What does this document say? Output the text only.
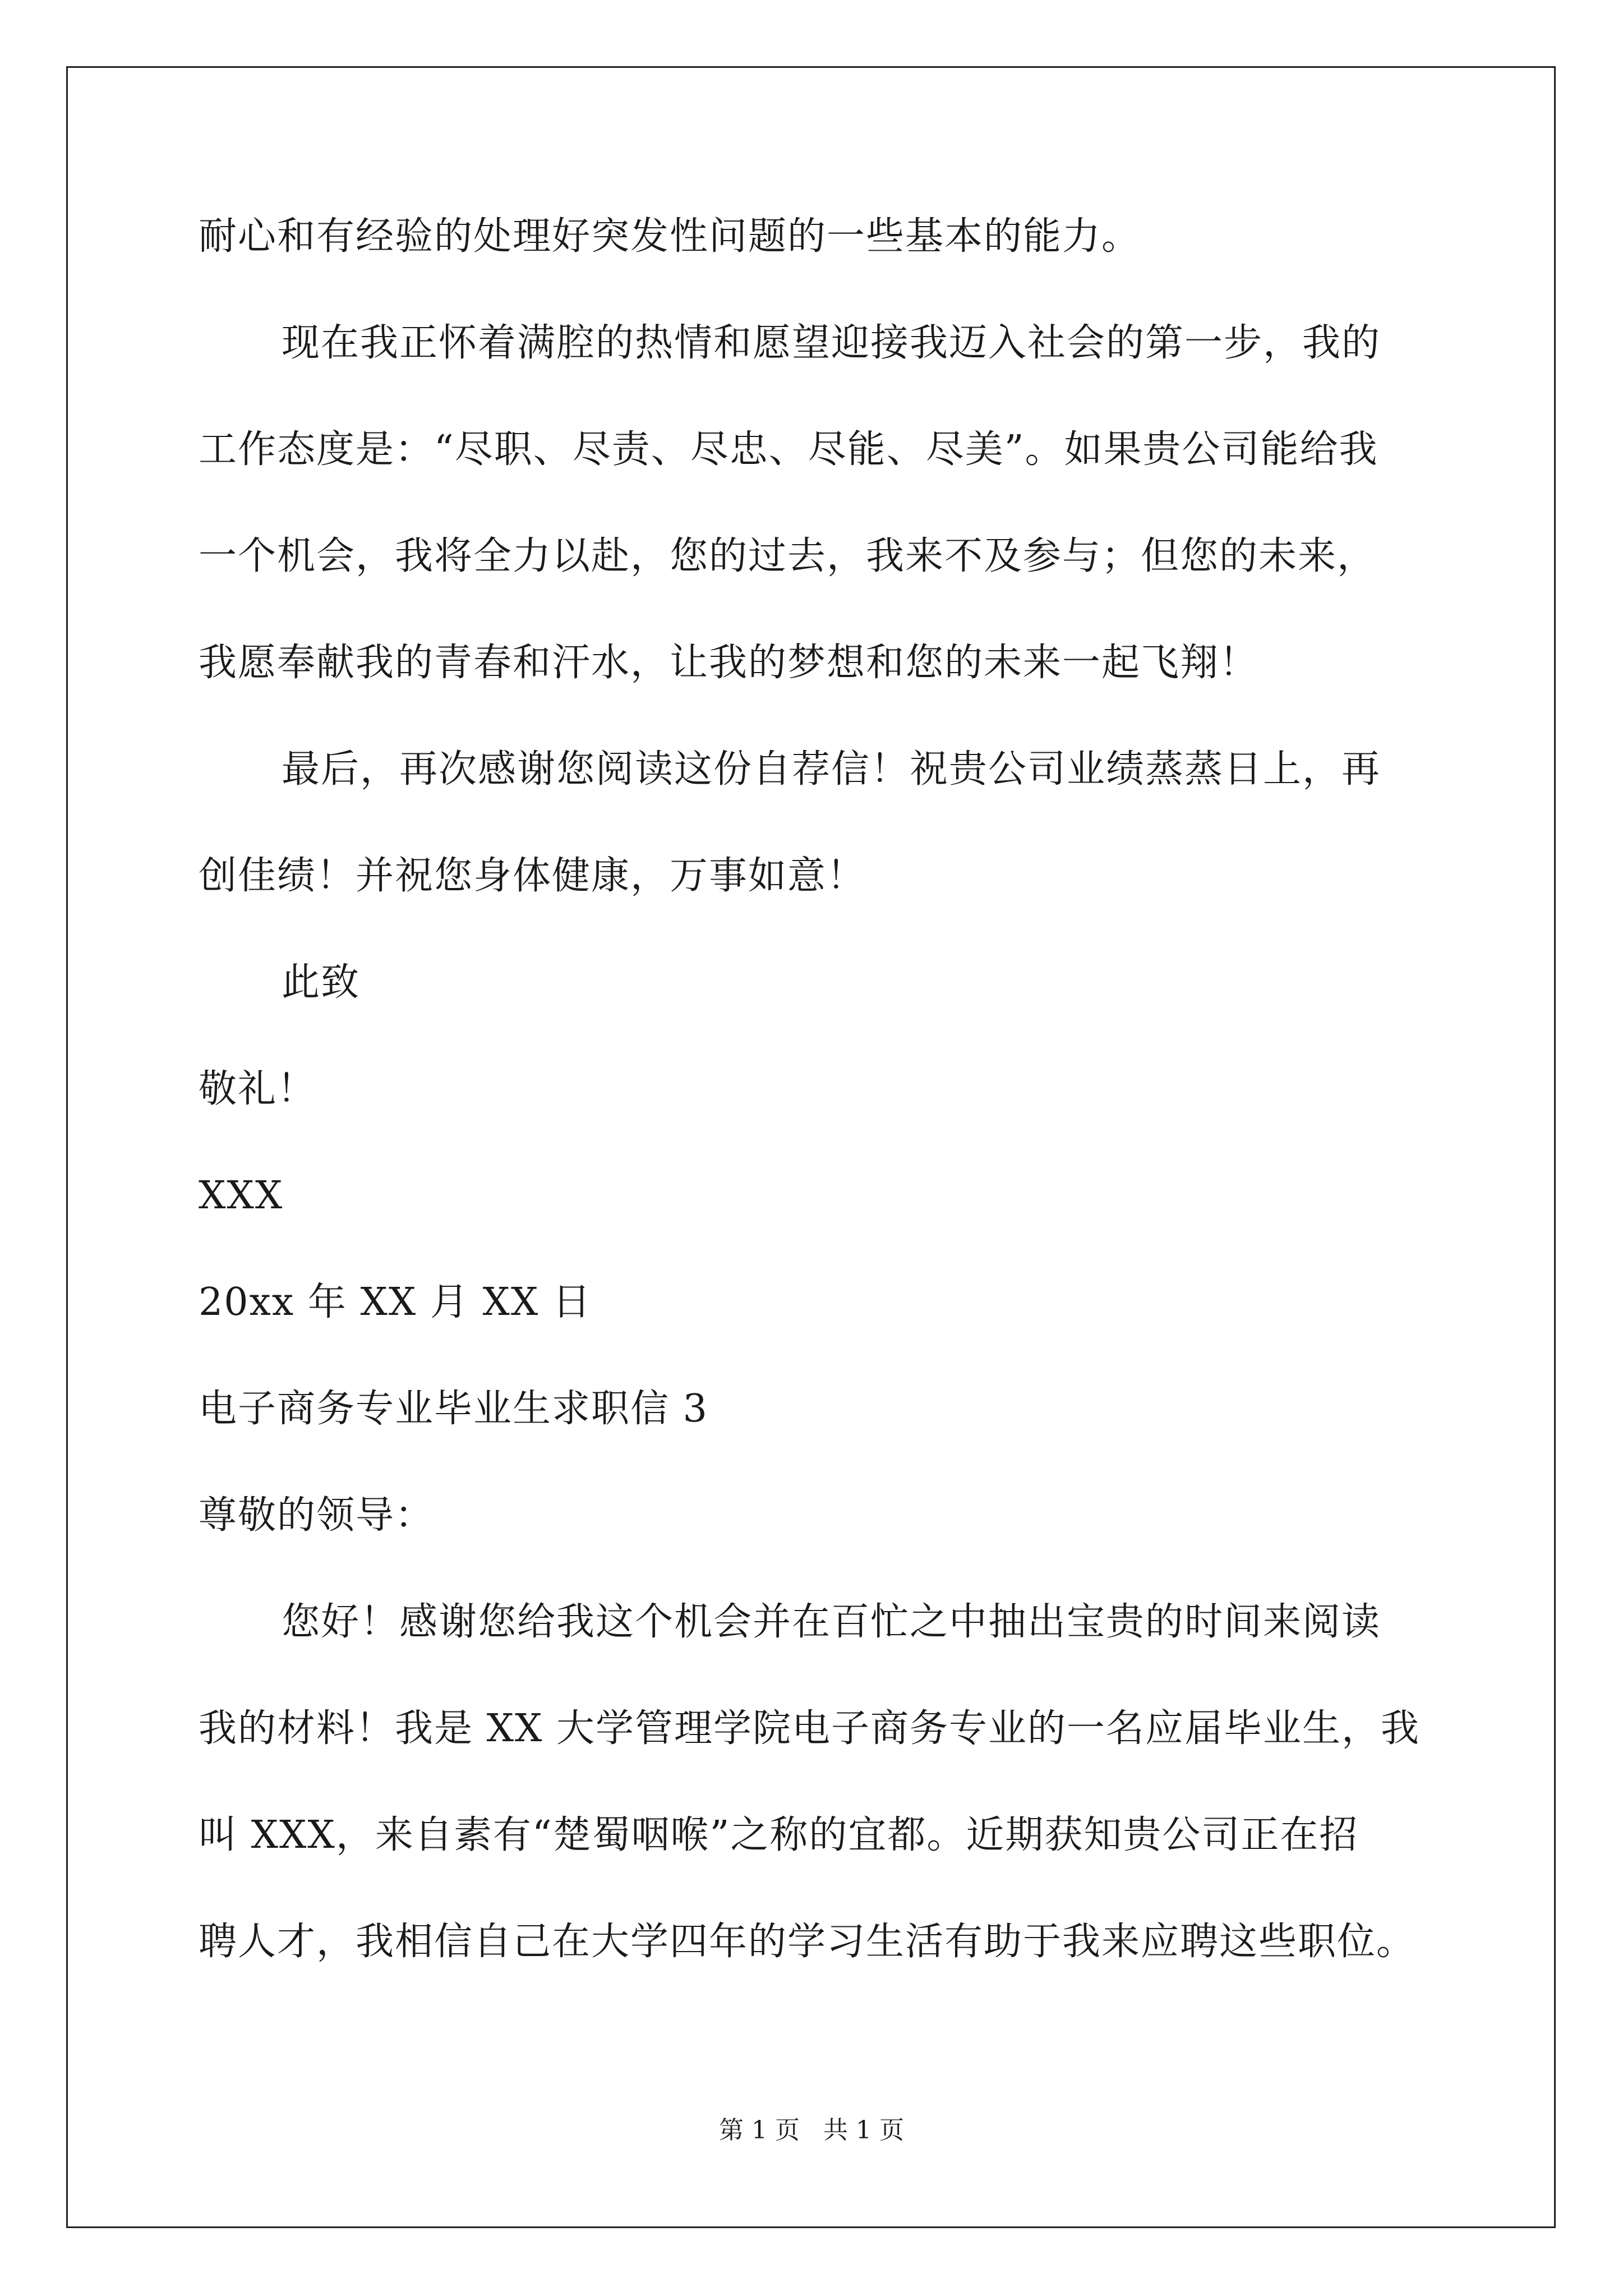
耐心和有经验的处理好突发性问题的一些基本的能力。
现在我正怀着满腔的热情和愿望迎接我迈入社会的第一步，我的
工作态度是：“尽职、尽责、尽忠、尽能、尽美”。如果贵公司能给我
一个机会，我将全力以赴，您的过去，我来不及参与；但您的未来，
我愿奉献我的青春和汗水，让我的梦想和您的未来一起飞翔！
最后，再次感谢您阅读这份自荐信！祝贵公司业绩蒸蒸日上，再
创佳绩！并祝您身体健康，万事如意！
此致
敬礼！
XXX
20xx 年 XX 月 XX 日
电子商务专业毕业生求职信 3
尊敬的领导：
您好！感谢您给我这个机会并在百忙之中抽出宝贵的时间来阅读
我的材料！我是 XX 大学管理学院电子商务专业的一名应届毕业生，我
叫 XXX，来自素有“楚蜀咽喉”之称的宜都。近期获知贵公司正在招
聘人才，我相信自己在大学四年的学习生活有助于我来应聘这些职位。
第 1 页   共 1 页
